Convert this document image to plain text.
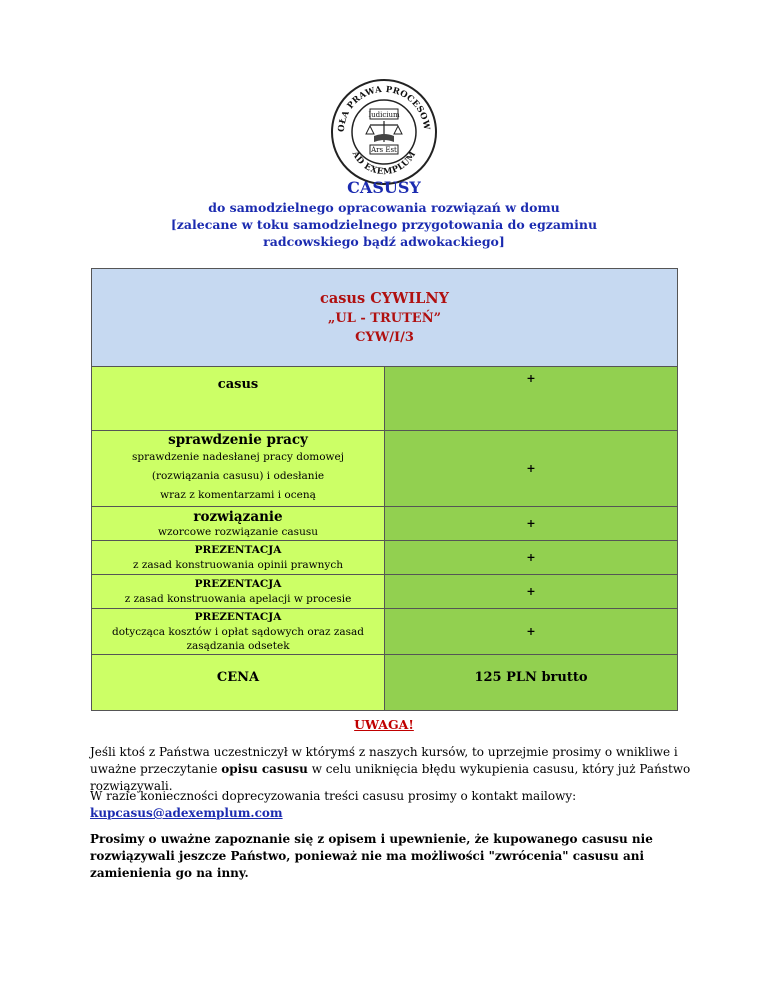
OŁA PRAWA PROCESOW
AD EXEMPLUM
Iudicium
Ars Est
CASUSY
do samodzielnego opracowania rozwiązań w domu
[zalecane w toku samodzielnego przygotowania do egzaminu
radcowskiego bądź adwokackiego]
casus CYWILNY
„UL - TRUTEŃ”
CYW/I/3	

casus	+

sprawdzenie pracy
sprawdzenie nadesłanej pracy domowej
(rozwiązania casusu) i odesłanie
wraz z komentarzami i oceną	+

rozwiązanie
wzorcowe rozwiązanie casusu	+

PREZENTACJA
z zasad konstruowania opinii prawnych	+

PREZENTACJA
z zasad konstruowania apelacji w procesie	+

PREZENTACJA
dotycząca kosztów i opłat sądowych oraz zasad
zasądzania odsetek	+

CENA	125 PLN brutto
UWAGA!
Jeśli ktoś z Państwa uczestniczył w którymś z naszych kursów, to uprzejmie prosimy o wnikliwe i uważne przeczytanie opisu casusu w celu uniknięcia błędu wykupienia casusu, który już Państwo rozwiązywali.
W razie konieczności doprecyzowania treści casusu prosimy o kontakt mailowy:
kupcasus@adexemplum.com
Prosimy o uważne zapoznanie się z opisem i upewnienie, że kupowanego casusu nie rozwiązywali jeszcze Państwo, ponieważ nie ma możliwości "zwrócenia" casusu ani zamienienia go na inny.
